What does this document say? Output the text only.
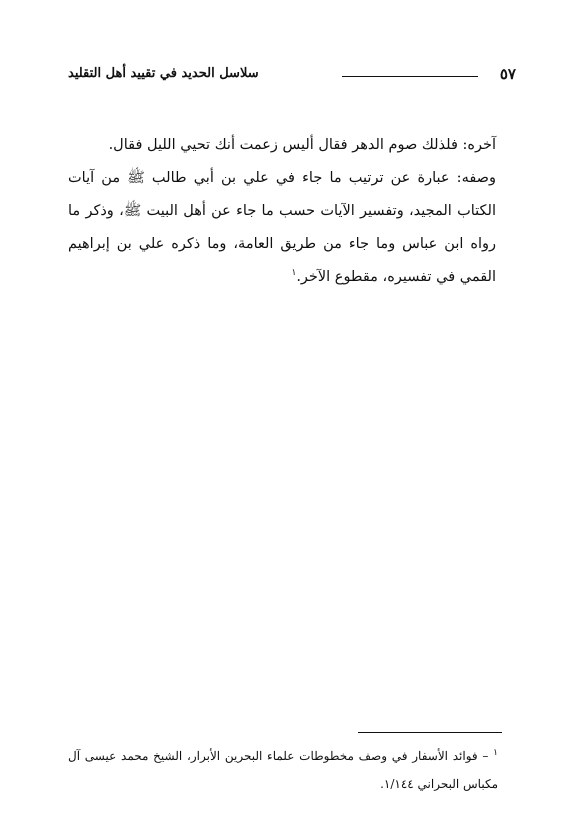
٥٧
سلاسل الحديد في تقييد أهل التقليد

آخره: فلذلك صوم الدهر فقال أليس زعمت أنك تحيي الليل فقال.

وصفه: عبارة عن ترتيب ما جاء في علي بن أبي طالب ﷺ من آيات الكتاب المجيد، وتفسير الآيات حسب ما جاء عن أهل البيت ﷺ، وذكر ما رواه ابن عباس وما جاء من طريق العامة، وما ذكره علي بن إبراهيم القمي في تفسيره، مقطوع الآخر.$^١$

$^١$ – فوائد الأسفار في وصف مخطوطات علماء البحرين الأبرار، الشيخ محمد عيسى آل مكباس البحراني ١/١٤٤.
